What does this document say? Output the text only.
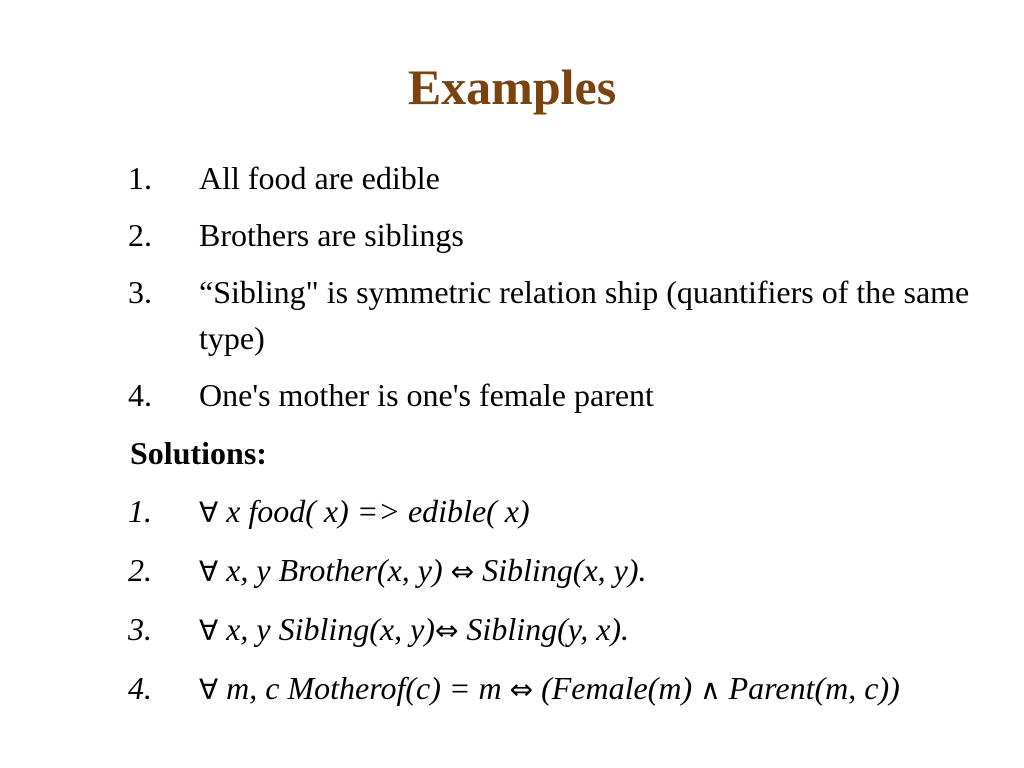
Examples
1.	All food are edible
2.	Brothers are siblings
3.	“Sibling" is symmetric relation ship (quantifiers of the same type)
4.	One's mother is one's female parent
Solutions:
1.	∀ x food( x) => edible( x)
2.	∀ x, y Brother(x, y) ⇔ Sibling(x, y).
3.	∀ x, y Sibling(x, y)⇔ Sibling(y, x).
4.	∀ m, c Motherof(c) = m ⇔ (Female(m) ∧ Parent(m, c))
